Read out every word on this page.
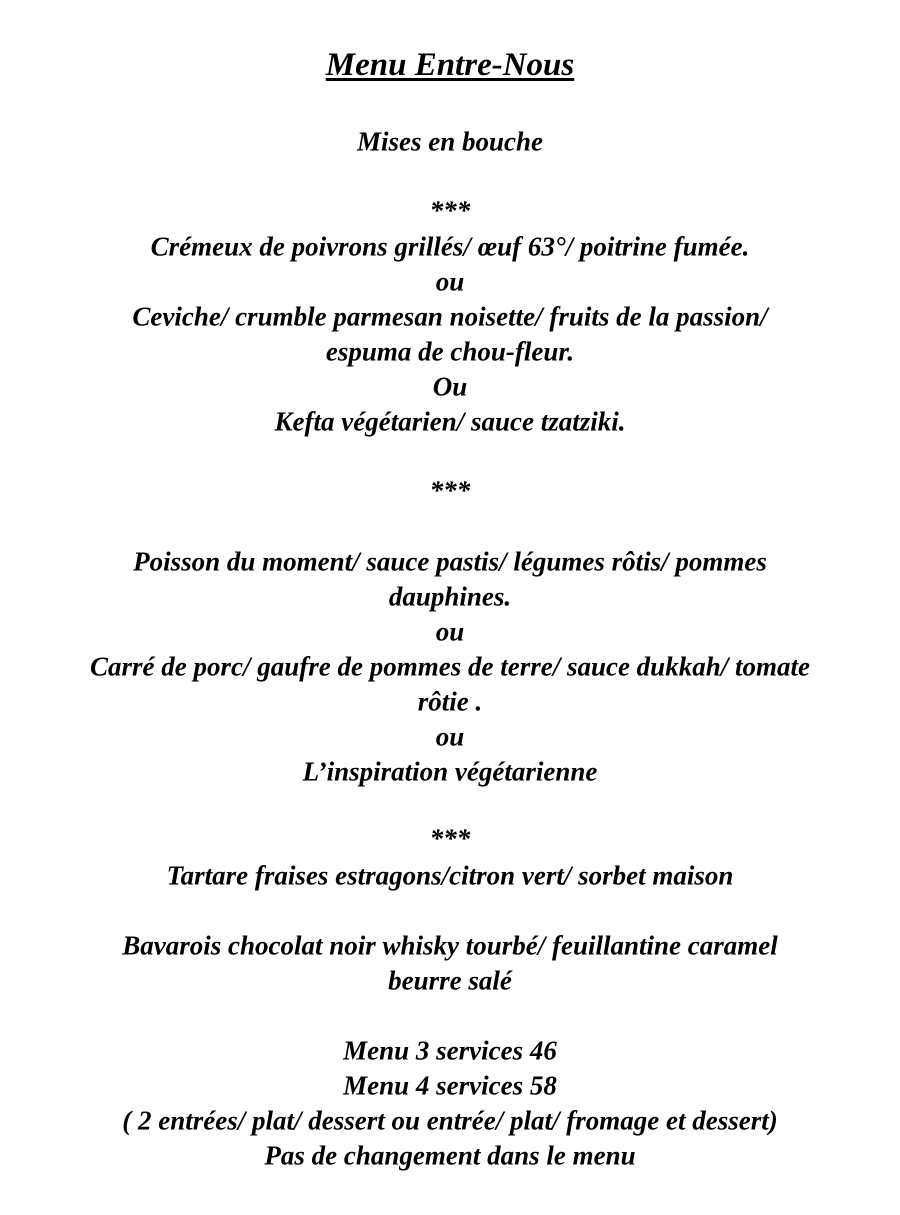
Menu Entre-Nous

Mises en bouche

***

Crémeux de poivrons grillés/ œuf 63°/ poitrine fumée.

ou

Ceviche/ crumble parmesan noisette/ fruits de la passion/

espuma de chou-fleur.

Ou

Kefta végétarien/ sauce tzatziki.

***

Poisson du moment/ sauce pastis/ légumes rôtis/ pommes

dauphines.

ou

Carré de porc/ gaufre de pommes de terre/ sauce dukkah/ tomate

rôtie .

ou

L’inspiration végétarienne

***

Tartare fraises estragons/citron vert/ sorbet maison

Bavarois chocolat noir whisky tourbé/ feuillantine caramel

beurre salé

Menu 3 services 46

Menu 4 services 58

( 2 entrées/ plat/ dessert ou entrée/ plat/ fromage et dessert)

Pas de changement dans le menu
